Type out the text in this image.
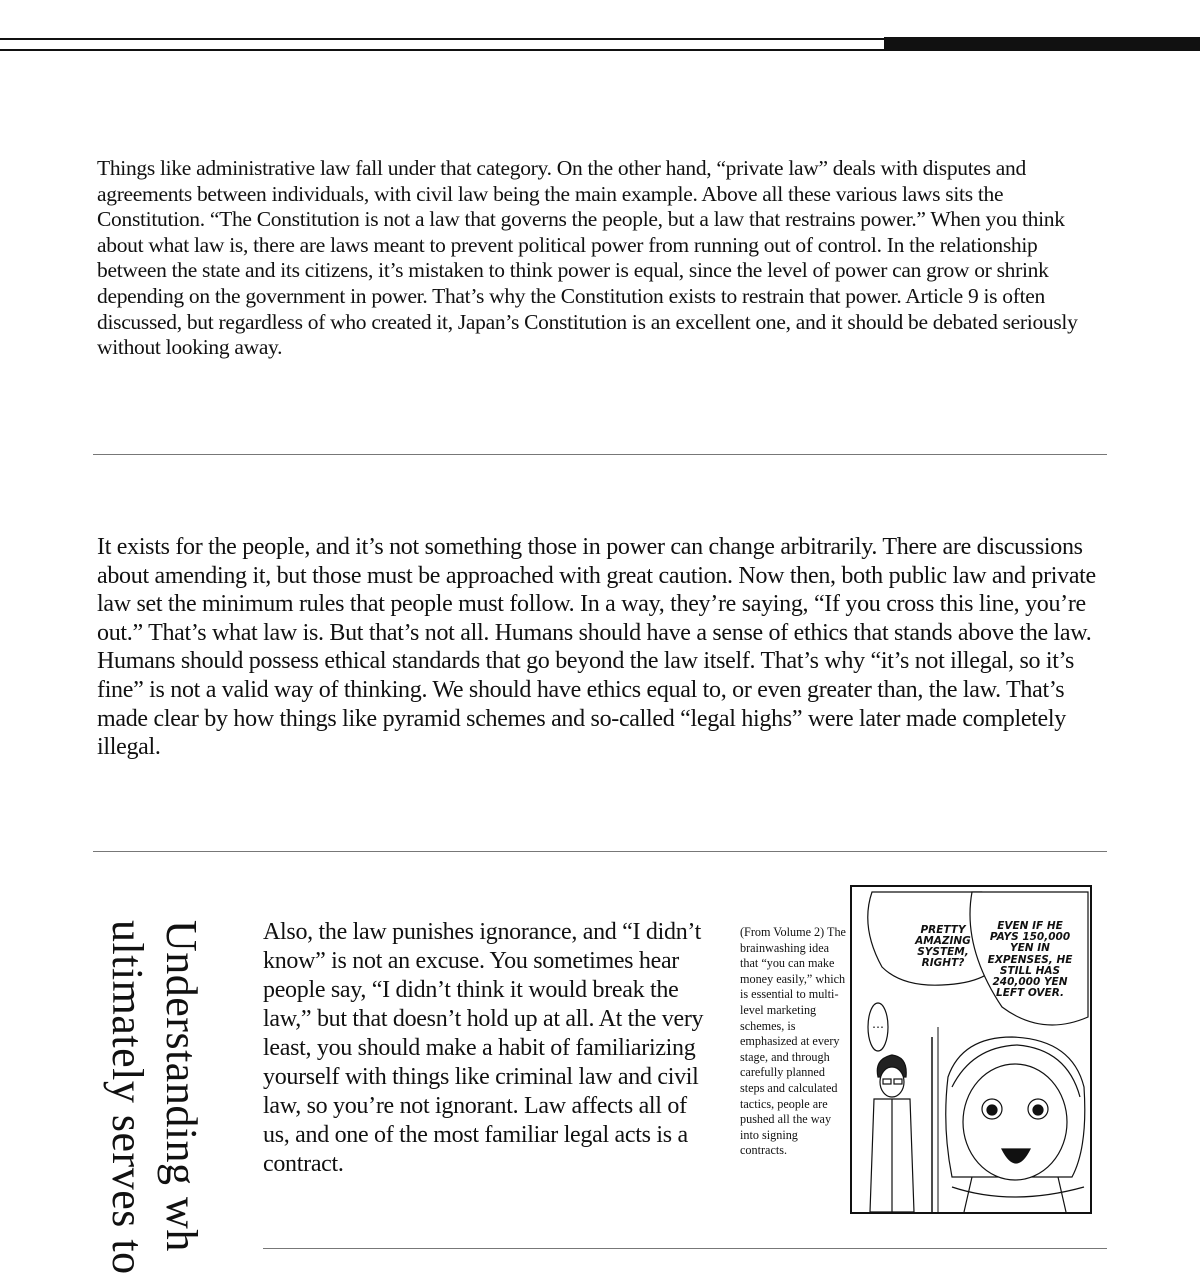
Things like administrative law fall under that category. On the other hand, “private law” deals with disputes and agreements between individuals, with civil law being the main example. Above all these various laws sits the Constitution. “The Constitution is not a law that governs the people, but a law that restrains power.” When you think about what law is, there are laws meant to prevent political power from running out of control. In the relationship between the state and its citizens, it’s mistaken to think power is equal, since the level of power can grow or shrink depending on the government in power. That’s why the Constitution exists to restrain that power. Article 9 is often discussed, but regardless of who created it, Japan’s Constitution is an excellent one, and it should be debated seriously without looking away.

It exists for the people, and it’s not something those in power can change arbitrarily. There are discussions about amending it, but those must be approached with great caution. Now then, both public law and private law set the minimum rules that people must follow. In a way, they’re saying, “If you cross this line, you’re out.” That’s what law is. But that’s not all. Humans should have a sense of ethics that stands above the law. Humans should possess ethical standards that go beyond the law itself. That’s why “it’s not illegal, so it’s fine” is not a valid way of thinking. We should have ethics equal to, or even greater than, the law. That’s made clear by how things like pyramid schemes and so-called “legal highs” were later made completely illegal.

Understanding wh
ultimately serves to	Also, the law punishes ignorance, and “I didn’t know” is not an excuse. You sometimes hear people say, “I didn’t think it would break the law,” but that doesn’t hold up at all. At the very least, you should make a habit of familiarizing yourself with things like criminal law and civil law, so you’re not ignorant. Law affects all of us, and one of the most familiar legal acts is a contract.

(From Volume 2) The brainwashing idea that “you can make money easily,” which is essential to multi-level marketing schemes, is emphasized at every stage, and through carefully planned steps and calculated tactics, people are pushed all the way into signing contracts.
PRETTY AMAZING SYSTEM, RIGHT?
EVEN IF HE PAYS 150,000 YEN IN EXPENSES, HE STILL HAS 240,000 YEN LEFT OVER.
…
